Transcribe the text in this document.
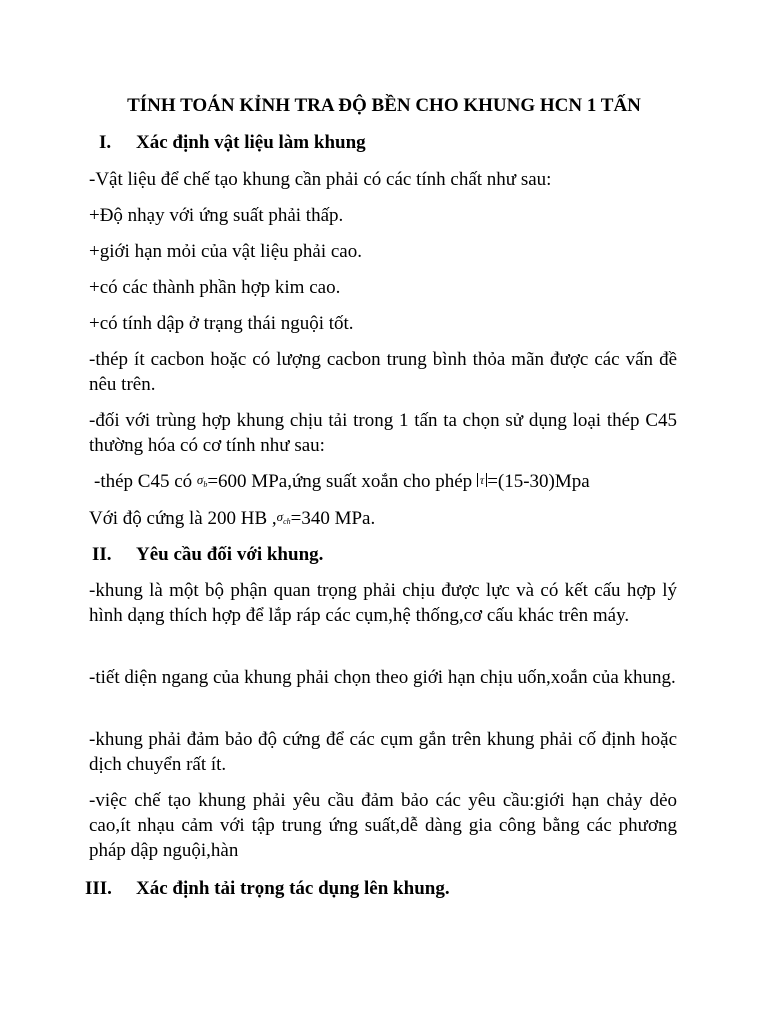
TÍNH TOÁN KỈNH TRA ĐỘ BỀN CHO KHUNG HCN 1 TẤN
I. Xác định vật liệu làm khung
-Vật liệu để chế tạo khung cần phải có các tính chất như sau:
+Độ nhạy với ứng suất phải thấp.
+giới hạn mỏi của vật liệu phải cao.
+có các thành phần hợp kim cao.
+có tính dập ở trạng thái nguội tốt.
-thép ít cacbon hoặc có lượng cacbon trung bình thỏa mãn được các vấn đề nêu trên.
-đối với trùng hợp khung chịu tải trong 1 tấn ta chọn sử dụng loại thép C45 thường hóa có cơ tính như sau:
-thép C45 có $\sigma_b=600$ MPa,ứng suất xoắn cho phép τ =(15-30)Mpa
Với độ cứng là 200 HB $,\sigma_{ch}=340$ MPa.
II. Yêu cầu đối với khung.
-khung là một bộ phận quan trọng phải chịu được lực và có kết cấu hợp lý hình dạng thích hợp để lắp ráp các cụm,hệ thống,cơ cấu khác trên máy.
-tiết diện ngang của khung phải chọn theo giới hạn chịu uốn,xoắn của khung.
-khung phải đảm bảo độ cứng để các cụm gắn trên khung phải cố định hoặc dịch chuyển rất ít.
-việc chế tạo khung phải yêu cầu đảm bảo các yêu cầu:giới hạn chảy dẻo cao,ít nhạu cảm với tập trung ứng suất,dễ dàng gia công bằng các phương pháp dập nguội,hàn
III. Xác định tải trọng tác dụng lên khung.
